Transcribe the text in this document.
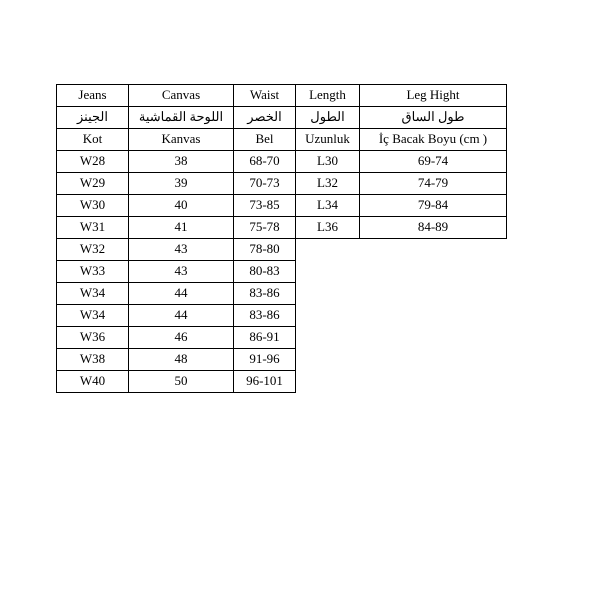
Jeans	Canvas	Waist	Length	Leg Hight
الجينز	اللوحة القماشية	الخصر	الطول	طول الساق
Kot	Kanvas	Bel	Uzunluk	İç Bacak Boyu (cm )
W28	38	68-70	L30	69-74
W29	39	70-73	L32	74-79
W30	40	73-85	L34	79-84
W31	41	75-78	L36	84-89
W32	43	78-80		
W33	43	80-83		
W34	44	83-86		
W34	44	83-86		
W36	46	86-91		
W38	48	91-96		
W40	50	96-101		
